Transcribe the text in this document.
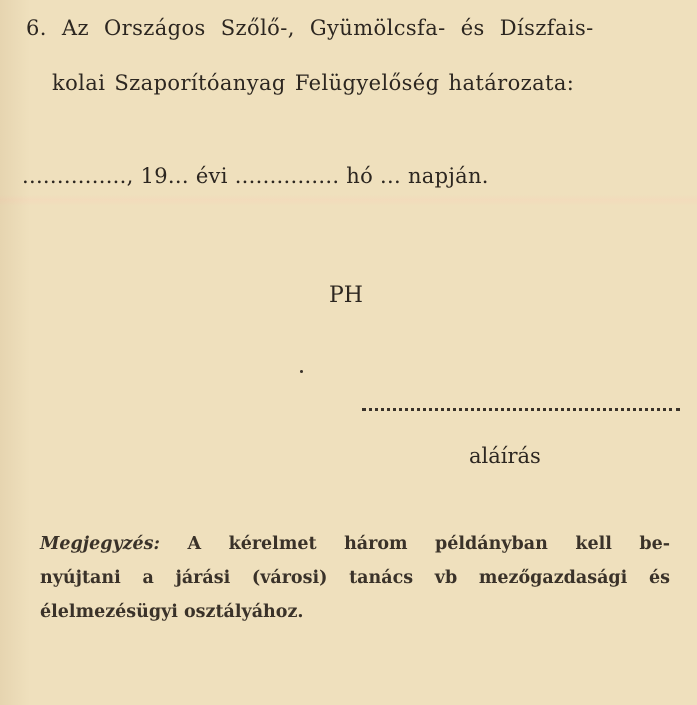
6. Az Országos Szőlő-, Gyümölcsfa- és Díszfais-
kolai Szaporítóanyag Felügyelőség határozata:
..............., 19... évi ............... hó ... napján.
PH
aláírás

Megjegyzés: A kérelmet három példányban kell be-

nyújtani a járási (városi) tanács vb mezőgazdasági és

élelmezésügyi osztályához.
